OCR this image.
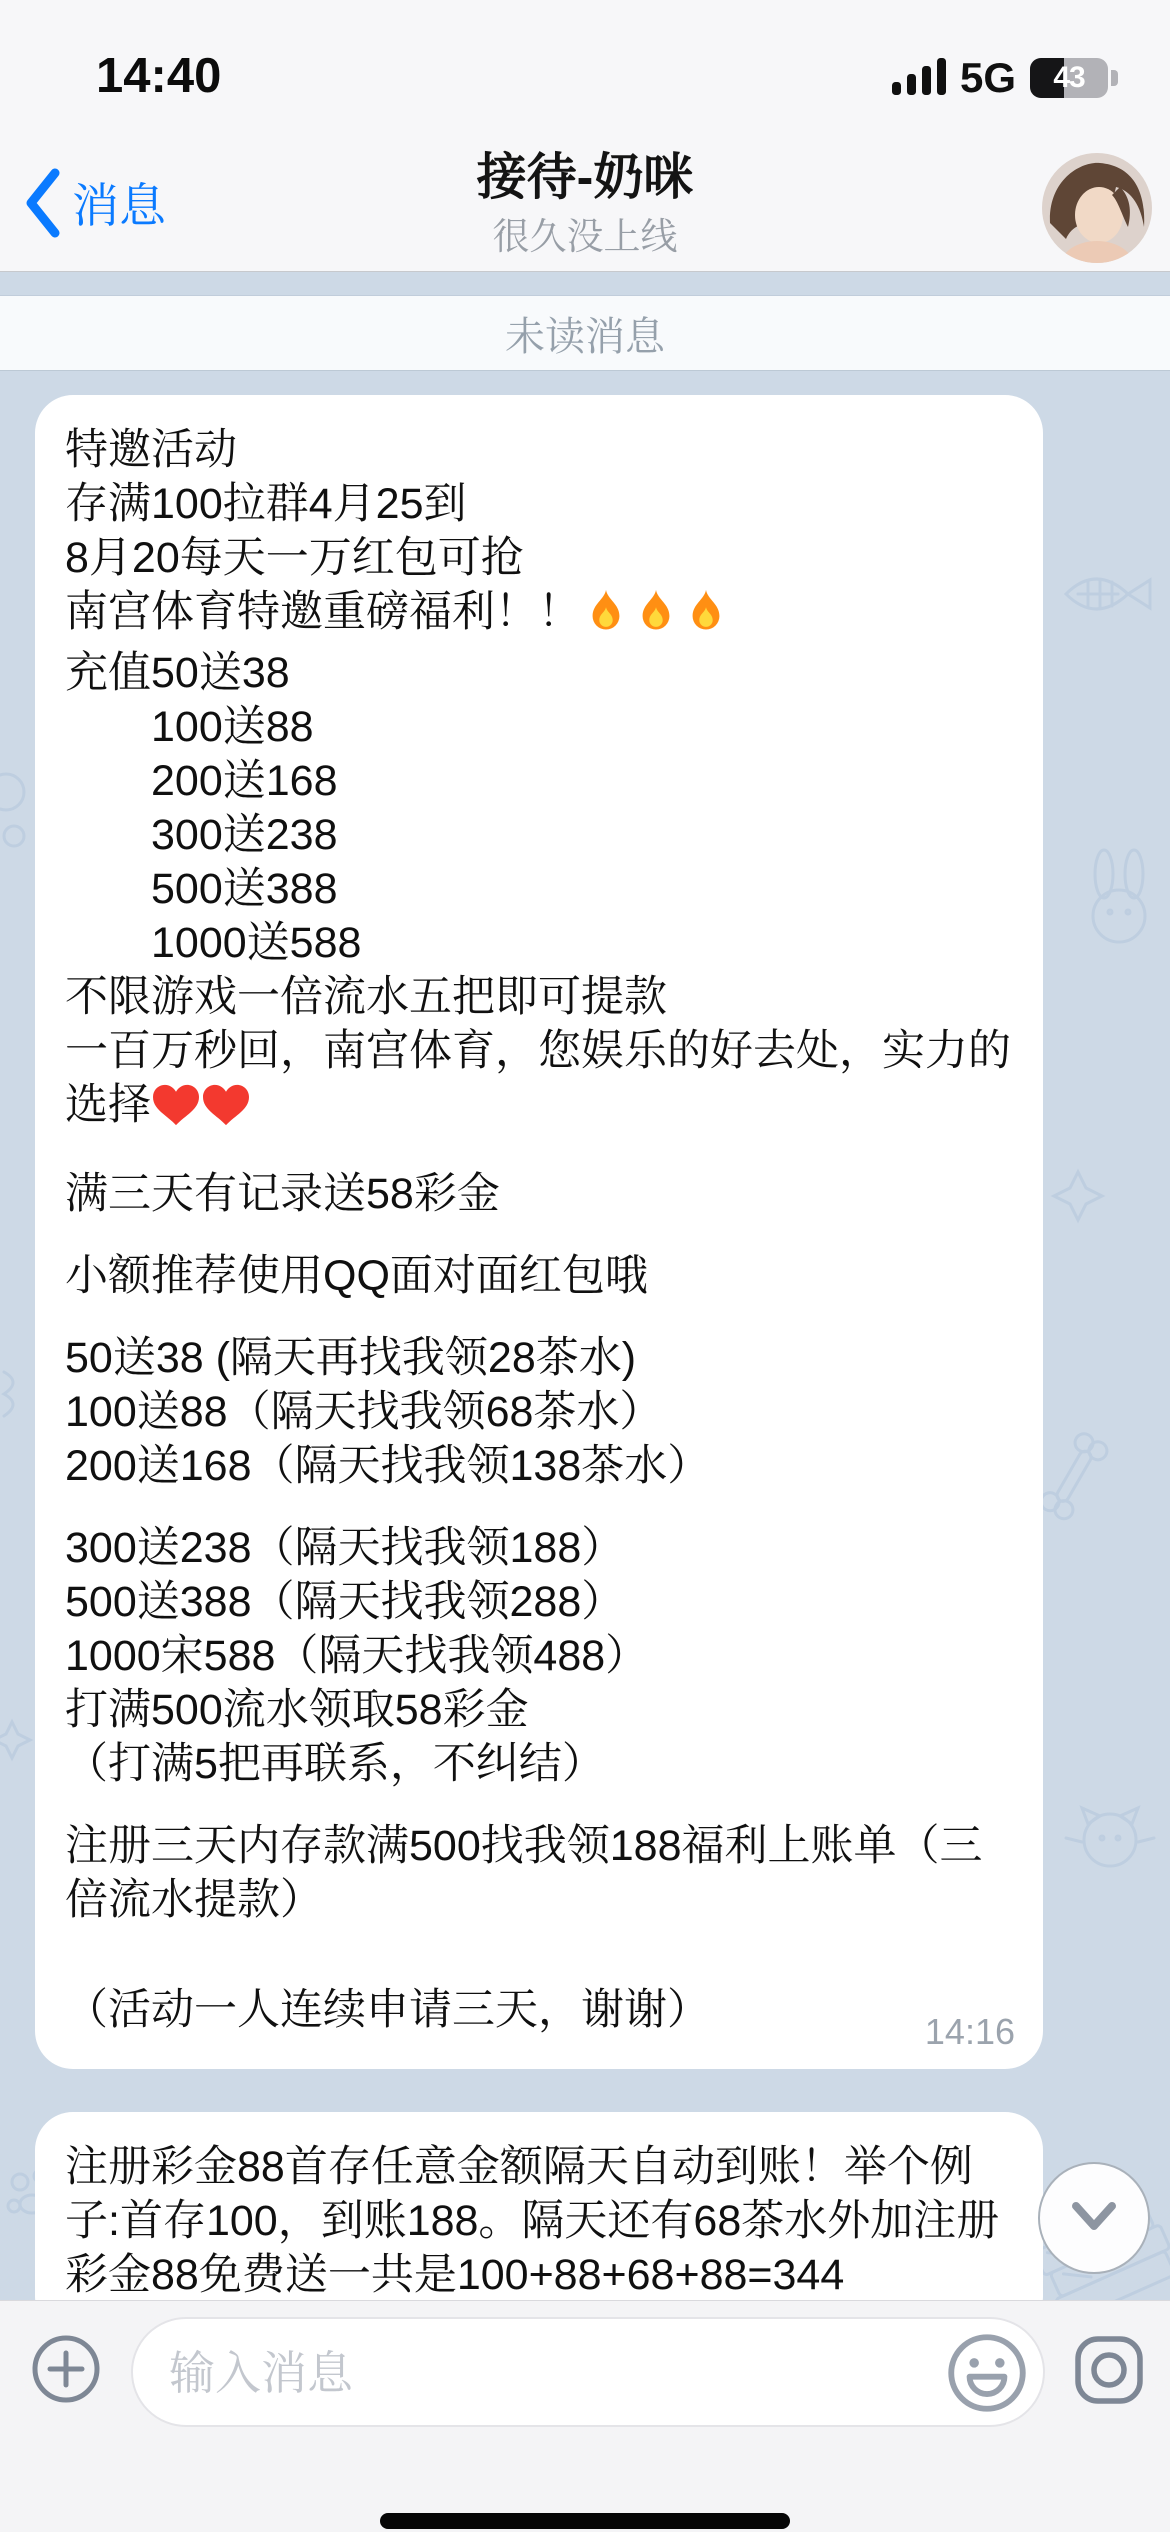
14:40	5G	43
消息	接待-奶咪
很久没上线
未读消息
特邀活动
存满100拉群4月25到
8月20每天一万红包可抢
南宫体育特邀重磅福利！！
充值50送38
　　100送88
　　200送168
　　300送238
　　500送388
　　1000送588
不限游戏一倍流水五把即可提款
一百万秒回，南宫体育，您娱乐的好去处，实力的选择
满三天有记录送58彩金
小额推荐使用QQ面对面红包哦
50送38 (隔天再找我领28茶水)
100送88（隔天找我领68茶水）
200送168（隔天找我领138茶水）
300送238（隔天找我领188）
500送388（隔天找我领288）
1000宋588（隔天找我领488）
打满500流水领取58彩金
（打满5把再联系，不纠结）
注册三天内存款满500找我领188福利上账单（三倍流水提款）
（活动一人连续申请三天，谢谢）	14:16
注册彩金88首存任意金额隔天自动到账！举个例子:首存100，到账188。隔天还有68茶水外加注册彩金88免费送一共是100+88+68+88=344
输入消息
